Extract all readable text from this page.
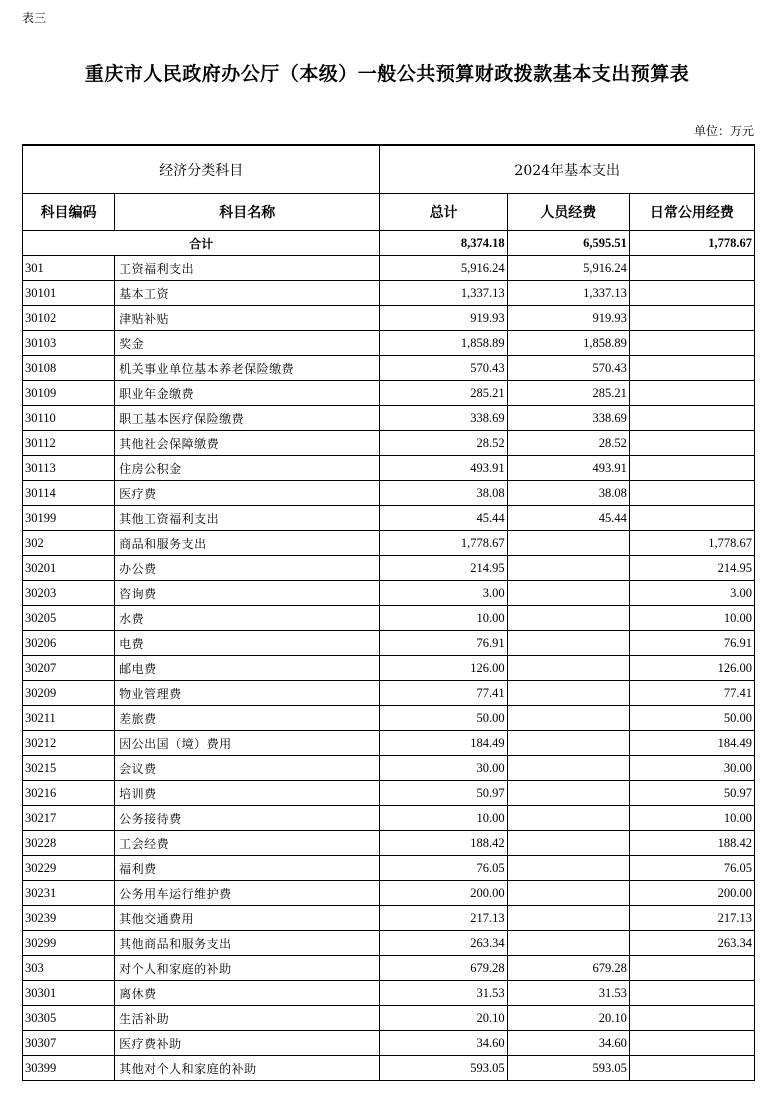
表三
重庆市人民政府办公厅（本级）一般公共预算财政拨款基本支出预算表
单位：万元
经济分类科目		2024年基本支出		
科目编码	科目名称	总计	人员经费	日常公用经费
合计		8,374.18	6,595.51	1,778.67
301	工资福利支出	5,916.24	5,916.24	
30101	基本工资	1,337.13	1,337.13	
30102	津贴补贴	919.93	919.93	
30103	奖金	1,858.89	1,858.89	
30108	机关事业单位基本养老保险缴费	570.43	570.43	
30109	职业年金缴费	285.21	285.21	
30110	职工基本医疗保险缴费	338.69	338.69	
30112	其他社会保障缴费	28.52	28.52	
30113	住房公积金	493.91	493.91	
30114	医疗费	38.08	38.08	
30199	其他工资福利支出	45.44	45.44	
302	商品和服务支出	1,778.67		1,778.67
30201	办公费	214.95		214.95
30203	咨询费	3.00		3.00
30205	水费	10.00		10.00
30206	电费	76.91		76.91
30207	邮电费	126.00		126.00
30209	物业管理费	77.41		77.41
30211	差旅费	50.00		50.00
30212	因公出国（境）费用	184.49		184.49
30215	会议费	30.00		30.00
30216	培训费	50.97		50.97
30217	公务接待费	10.00		10.00
30228	工会经费	188.42		188.42
30229	福利费	76.05		76.05
30231	公务用车运行维护费	200.00		200.00
30239	其他交通费用	217.13		217.13
30299	其他商品和服务支出	263.34		263.34
303	对个人和家庭的补助	679.28	679.28	
30301	离休费	31.53	31.53	
30305	生活补助	20.10	20.10	
30307	医疗费补助	34.60	34.60	
30399	其他对个人和家庭的补助	593.05	593.05	
